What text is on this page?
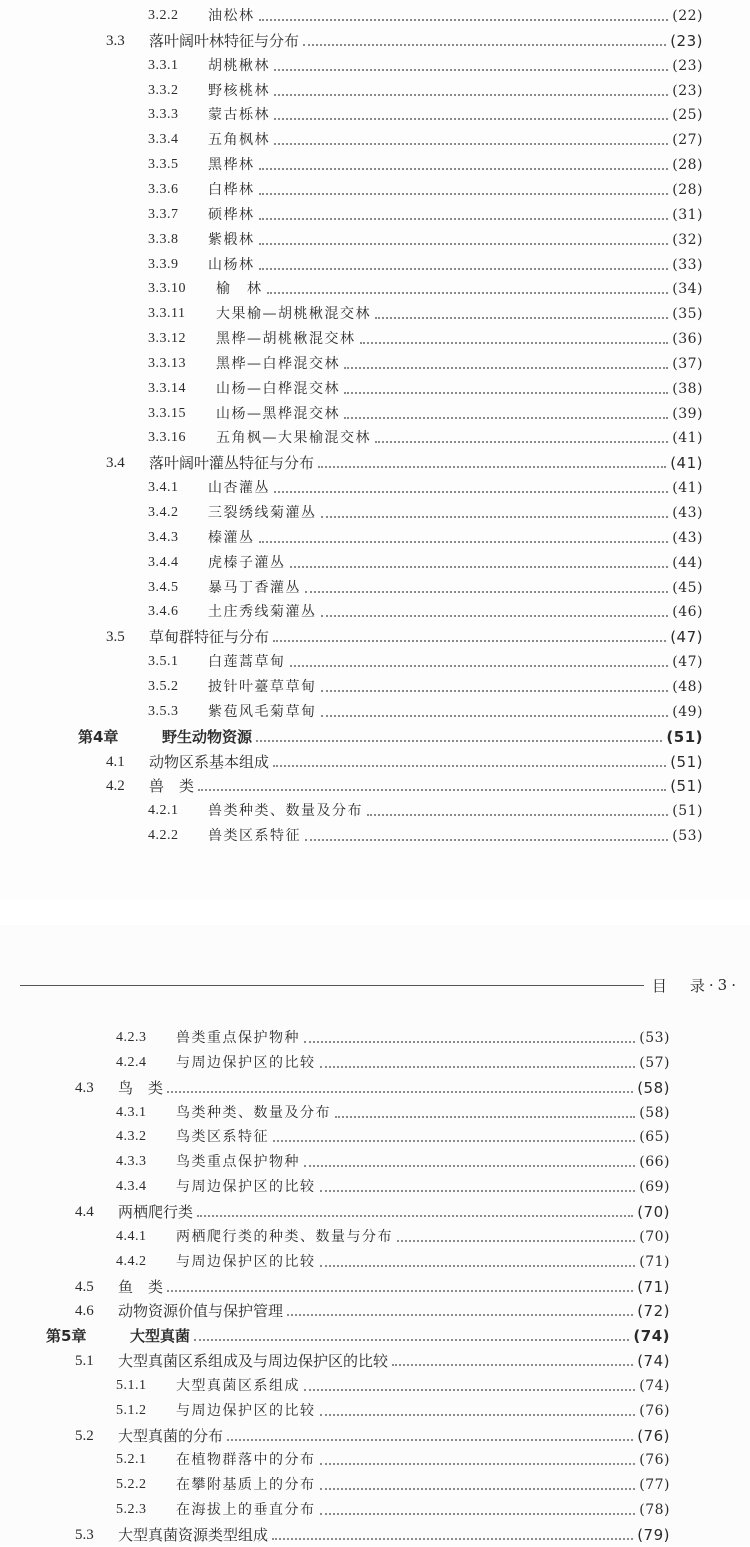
3.2.2	油松林	(22)
3.3	落叶阔叶林特征与分布	(23)
3.3.1	胡桃楸林	(23)
3.3.2	野核桃林	(23)
3.3.3	蒙古栎林	(25)
3.3.4	五角枫林	(27)
3.3.5	黑桦林	(28)
3.3.6	白桦林	(28)
3.3.7	硕桦林	(31)
3.3.8	紫椴林	(32)
3.3.9	山杨林	(33)
3.3.10	榆　林	(34)
3.3.11	大果榆—胡桃楸混交林	(35)
3.3.12	黑桦—胡桃楸混交林	(36)
3.3.13	黑桦—白桦混交林	(37)
3.3.14	山杨—白桦混交林	(38)
3.3.15	山杨—黑桦混交林	(39)
3.3.16	五角枫—大果榆混交林	(41)
3.4	落叶阔叶灌丛特征与分布	(41)
3.4.1	山杏灌丛	(41)
3.4.2	三裂绣线菊灌丛	(43)
3.4.3	榛灌丛	(43)
3.4.4	虎榛子灌丛	(44)
3.4.5	暴马丁香灌丛	(45)
3.4.6	土庄秀线菊灌丛	(46)
3.5	草甸群特征与分布	(47)
3.5.1	白莲蒿草甸	(47)
3.5.2	披针叶薹草草甸	(48)
3.5.3	紫苞风毛菊草甸	(49)
第4章	野生动物资源	(51)
4.1	动物区系基本组成	(51)
4.2	兽　类	(51)
4.2.1	兽类种类、数量及分布	(51)
4.2.2	兽类区系特征	(53)
目　录 ·3·
4.2.3	兽类重点保护物种	(53)
4.2.4	与周边保护区的比较	(57)
4.3	鸟　类	(58)
4.3.1	鸟类种类、数量及分布	(58)
4.3.2	鸟类区系特征	(65)
4.3.3	鸟类重点保护物种	(66)
4.3.4	与周边保护区的比较	(69)
4.4	两栖爬行类	(70)
4.4.1	两栖爬行类的种类、数量与分布	(70)
4.4.2	与周边保护区的比较	(71)
4.5	鱼　类	(71)
4.6	动物资源价值与保护管理	(72)
第5章	大型真菌	(74)
5.1	大型真菌区系组成及与周边保护区的比较	(74)
5.1.1	大型真菌区系组成	(74)
5.1.2	与周边保护区的比较	(76)
5.2	大型真菌的分布	(76)
5.2.1	在植物群落中的分布	(76)
5.2.2	在攀附基质上的分布	(77)
5.2.3	在海拔上的垂直分布	(78)
5.3	大型真菌资源类型组成	(79)
